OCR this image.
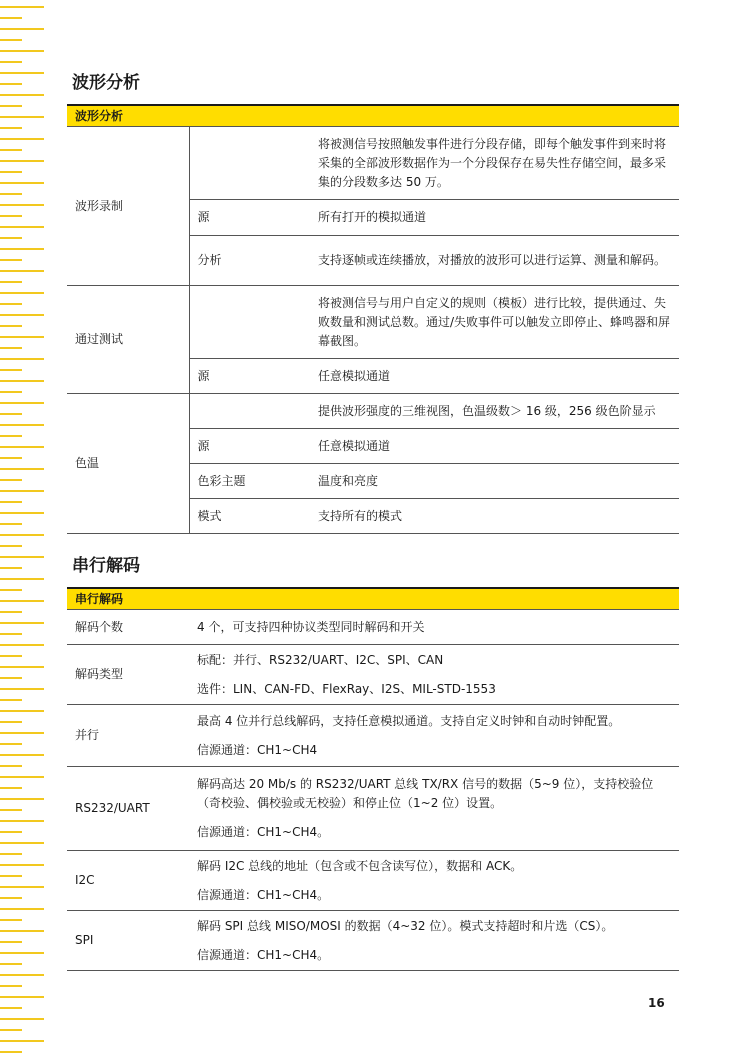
波形分析
波形分析		
波形录制		将被测信号按照触发事件进行分段存储，即每个触发事件到来时将采集的全部波形数据作为一个分段保存在易失性存储空间，最多采集的分段数多达 50 万。
	源	所有打开的模拟通道
	分析	支持逐帧或连续播放，对播放的波形可以进行运算、测量和解码。
通过测试		将被测信号与用户自定义的规则（模板）进行比较，提供通过、失败数量和测试总数。通过/失败事件可以触发立即停止、蜂鸣器和屏幕截图。
	源	任意模拟通道
色温		提供波形强度的三维视图，色温级数＞ 16 级，256 级色阶显示
	源	任意模拟通道
	色彩主题	温度和亮度
	模式	支持所有的模式
串行解码
串行解码	
解码个数	4 个，可支持四种协议类型同时解码和开关
解码类型	标配：并行、RS232/UART、I2C、SPI、CAN
选件：LIN、CAN-FD、FlexRay、I2S、MIL-STD-1553

并行	最高 4 位并行总线解码，支持任意模拟通道。支持自定义时钟和自动时钟配置。
信源通道：CH1~CH4

RS232/UART	解码高达 20 Mb/s 的 RS232/UART 总线 TX/RX 信号的数据（5~9 位），支持校验位（奇校验、偶校验或无校验）和停止位（1~2 位）设置。
信源通道：CH1~CH4。

I2C	解码 I2C 总线的地址（包含或不包含读写位），数据和 ACK。
信源通道：CH1~CH4。

SPI	解码 SPI 总线 MISO/MOSI 的数据（4~32 位）。模式支持超时和片选（CS）。
信源通道：CH1~CH4。
16
